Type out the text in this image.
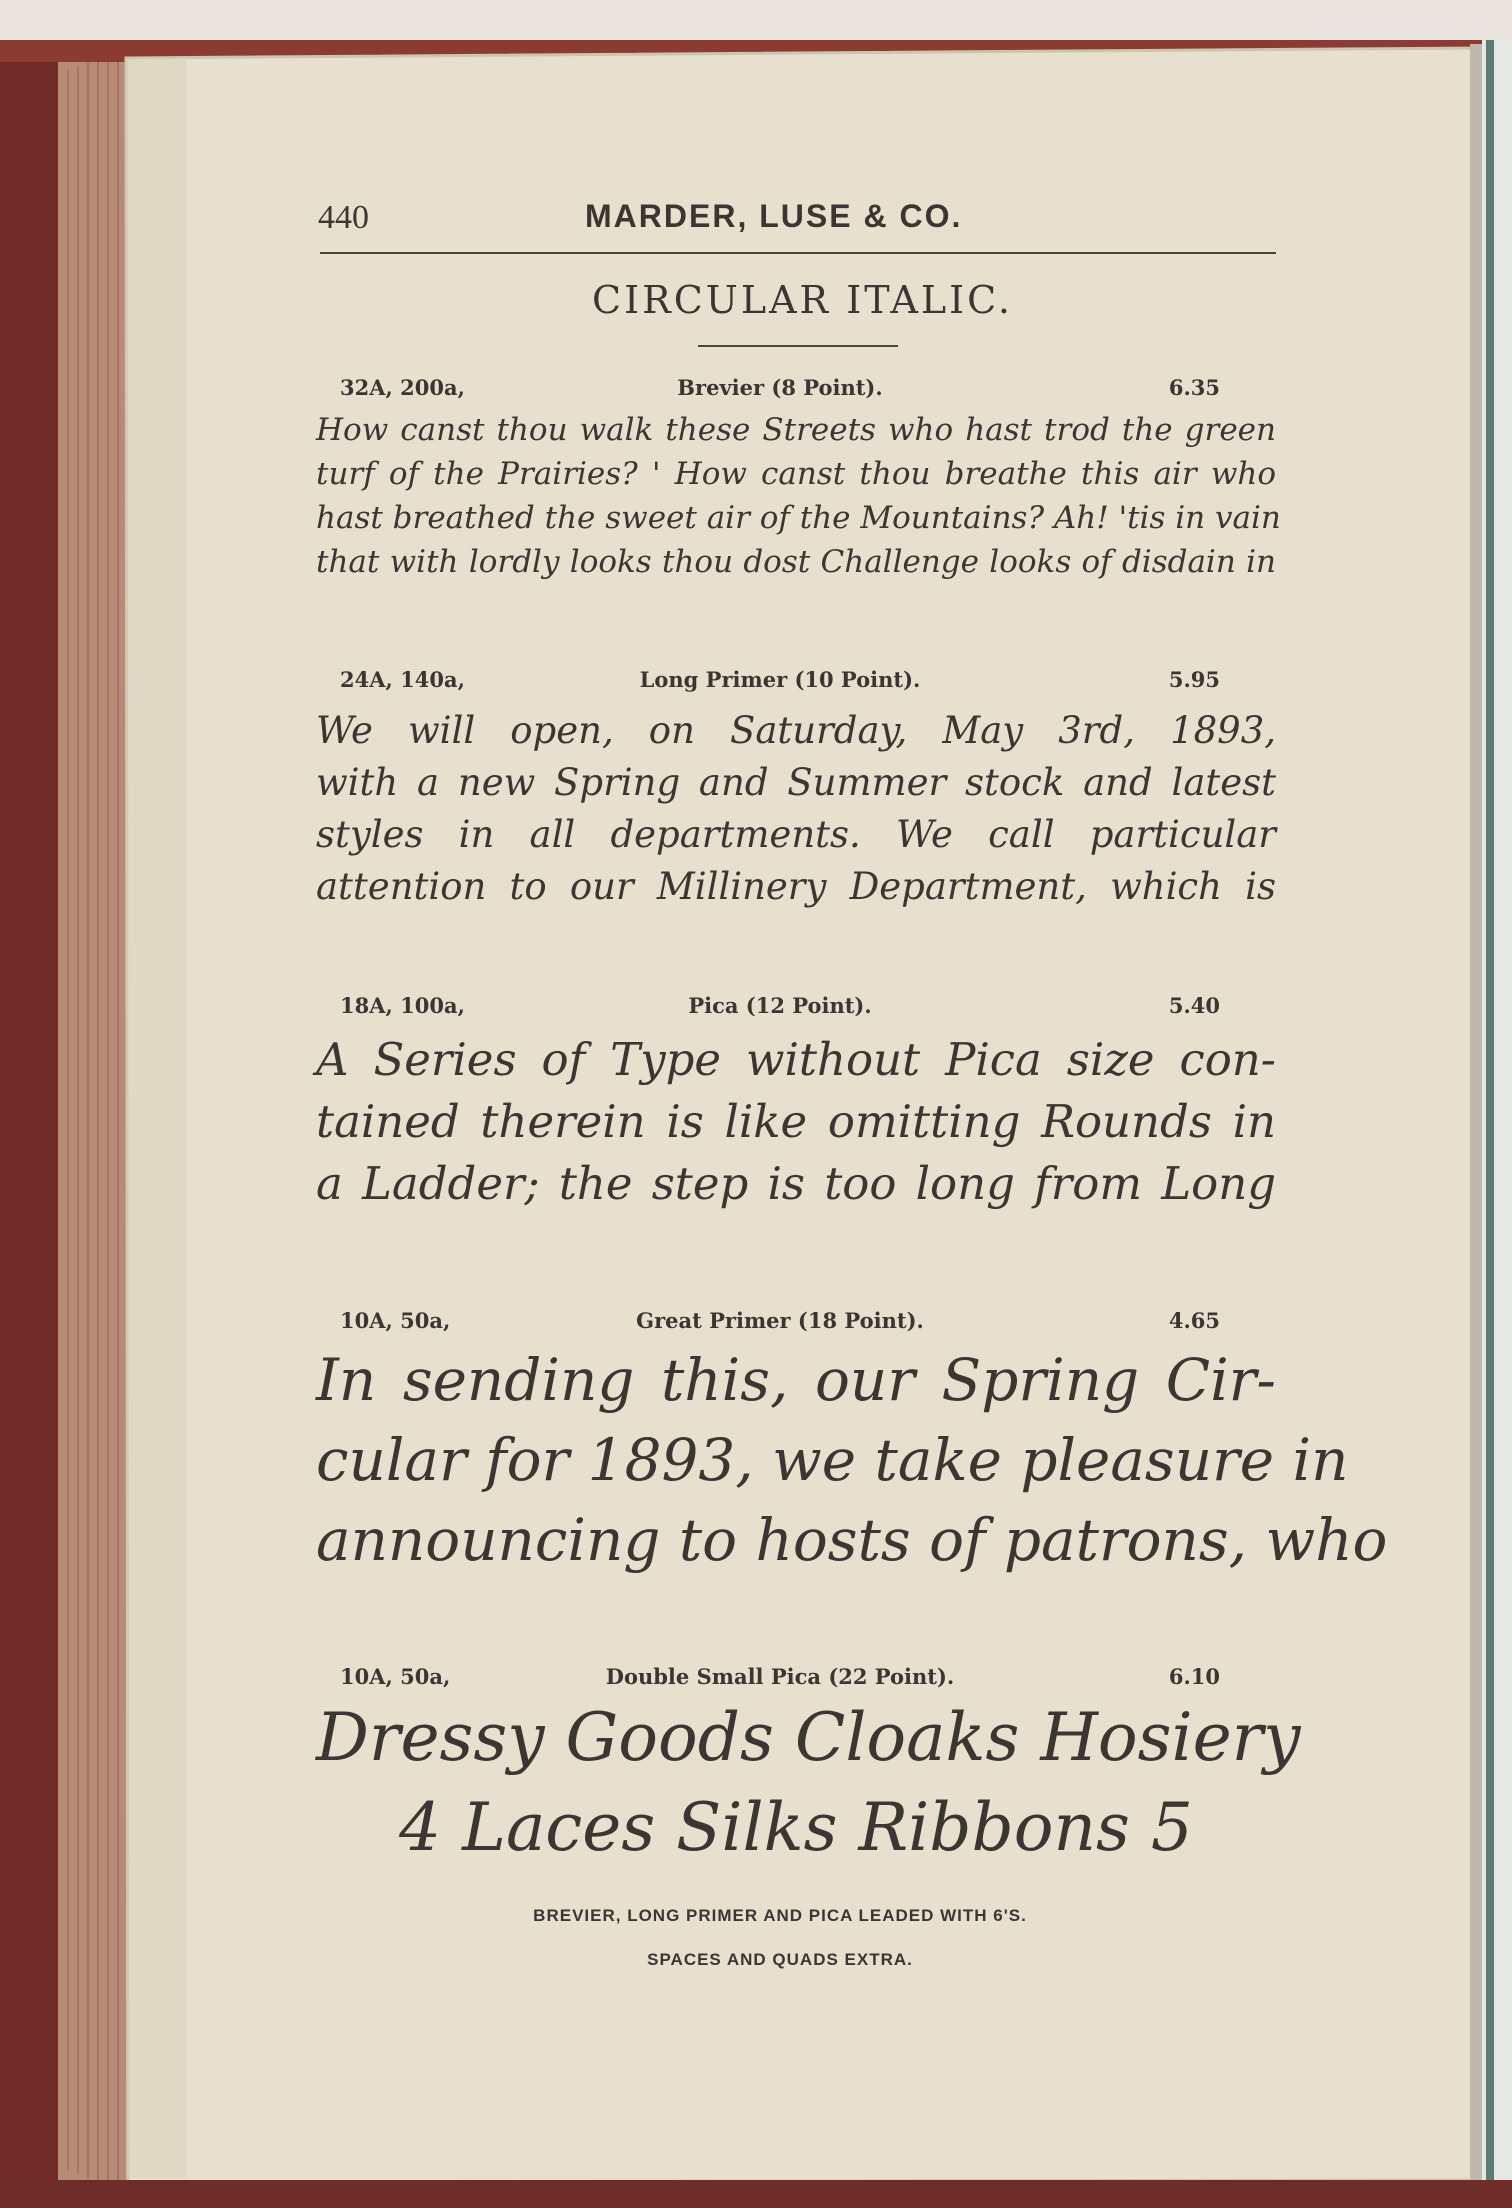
440	MARDER, LUSE & CO.
CIRCULAR ITALIC.
32A, 200a,	Brevier (8 Point).	6.35

How canst thou walk these Streets who hast trod the green

turf of the Prairies? ' How canst thou breathe this air who

hast breathed the sweet air of the Mountains? Ah! 'tis in vain

that with lordly looks thou dost Challenge looks of disdain in

24A, 140a,	Long Primer (10 Point).	5.95

We will open, on Saturday, May 3rd, 1893,

with a new Spring and Summer stock and latest

styles in all departments. We call particular

attention to our Millinery Department, which is

18A, 100a,	Pica (12 Point).	5.40

A Series of Type without Pica size con-

tained therein is like omitting Rounds in

a Ladder; the step is too long from Long

10A, 50a,	Great Primer (18 Point).	4.65

In sending this, our Spring Cir-

cular for 1893, we take pleasure in

announcing to hosts of patrons, who

10A, 50a,	Double Small Pica (22 Point).	6.10

Dressy Goods Cloaks Hosiery

4 Laces Silks Ribbons 5

BREVIER, LONG PRIMER AND PICA LEADED WITH 6'S.
SPACES AND QUADS EXTRA.
